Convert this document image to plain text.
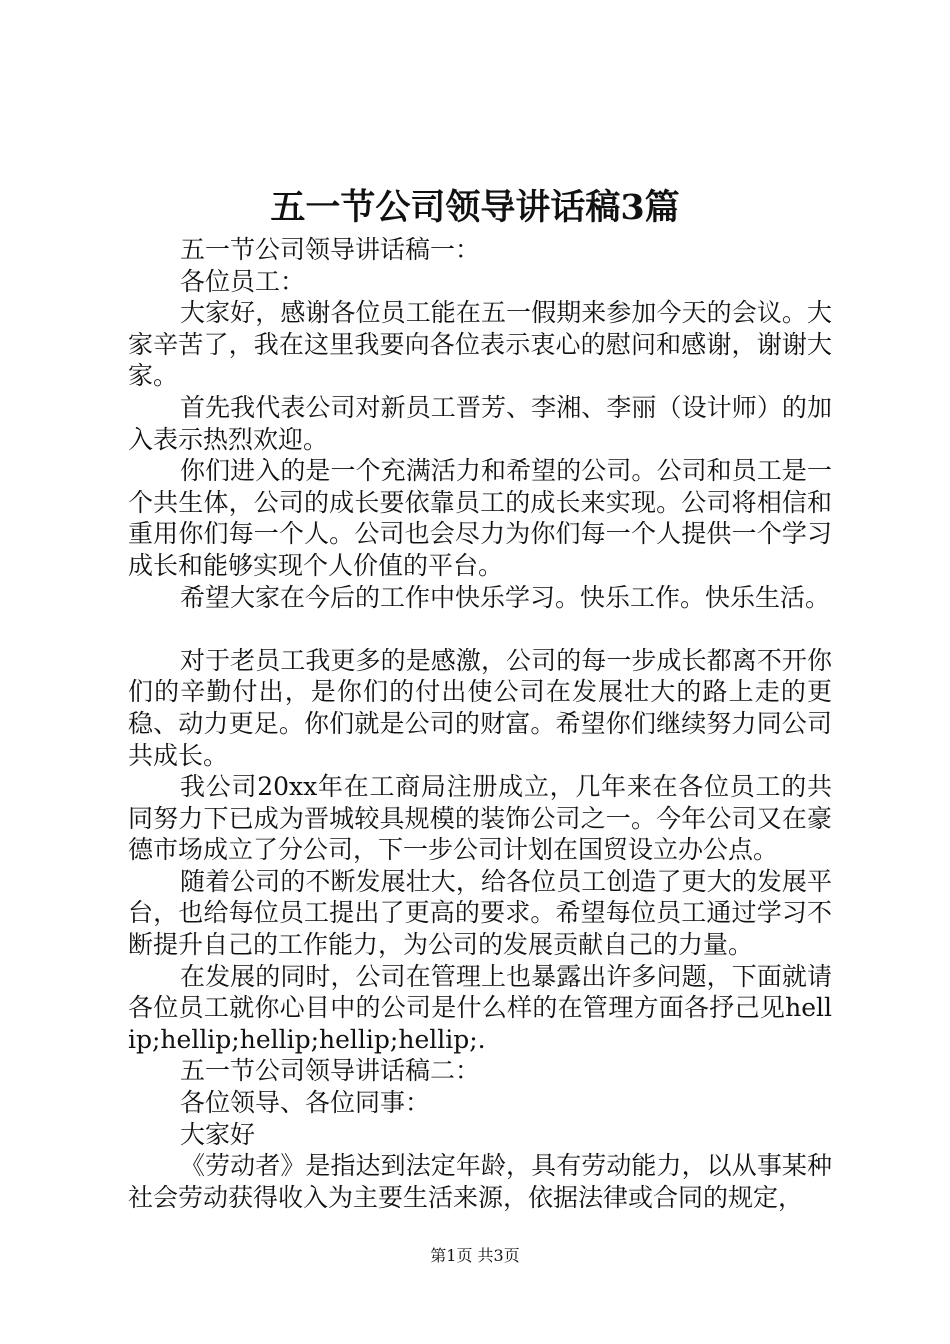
五一节公司领导讲话稿3篇

五一节公司领导讲话稿一：

各位员工：

大家好，感谢各位员工能在五一假期来参加今天的会议。大家辛苦了，我在这里我要向各位表示衷心的慰问和感谢，谢谢大家。

首先我代表公司对新员工晋芳、李湘、李丽（设计师）的加入表示热烈欢迎。

你们进入的是一个充满活力和希望的公司。公司和员工是一个共生体，公司的成长要依靠员工的成长来实现。公司将相信和重用你们每一个人。公司也会尽力为你们每一个人提供一个学习成长和能够实现个人价值的平台。

希望大家在今后的工作中快乐学习。快乐工作。快乐生活。

对于老员工我更多的是感激，公司的每一步成长都离不开你们的辛勤付出，是你们的付出使公司在发展壮大的路上走的更稳、动力更足。你们就是公司的财富。希望你们继续努力同公司共成长。

我公司20xx年在工商局注册成立，几年来在各位员工的共同努力下已成为晋城较具规模的装饰公司之一。今年公司又在豪德市场成立了分公司，下一步公司计划在国贸设立办公点。

随着公司的不断发展壮大，给各位员工创造了更大的发展平台，也给每位员工提出了更高的要求。希望每位员工通过学习不断提升自己的工作能力，为公司的发展贡献自己的力量。

在发展的同时，公司在管理上也暴露出许多问题，下面就请各位员工就你心目中的公司是什么样的在管理方面各抒己见hellip;hellip;hellip;hellip;hellip;.

五一节公司领导讲话稿二：

各位领导、各位同事：

大家好

《劳动者》是指达到法定年龄，具有劳动能力，以从事某种社会劳动获得收入为主要生活来源，依据法律或合同的规定，

第1页 共3页
